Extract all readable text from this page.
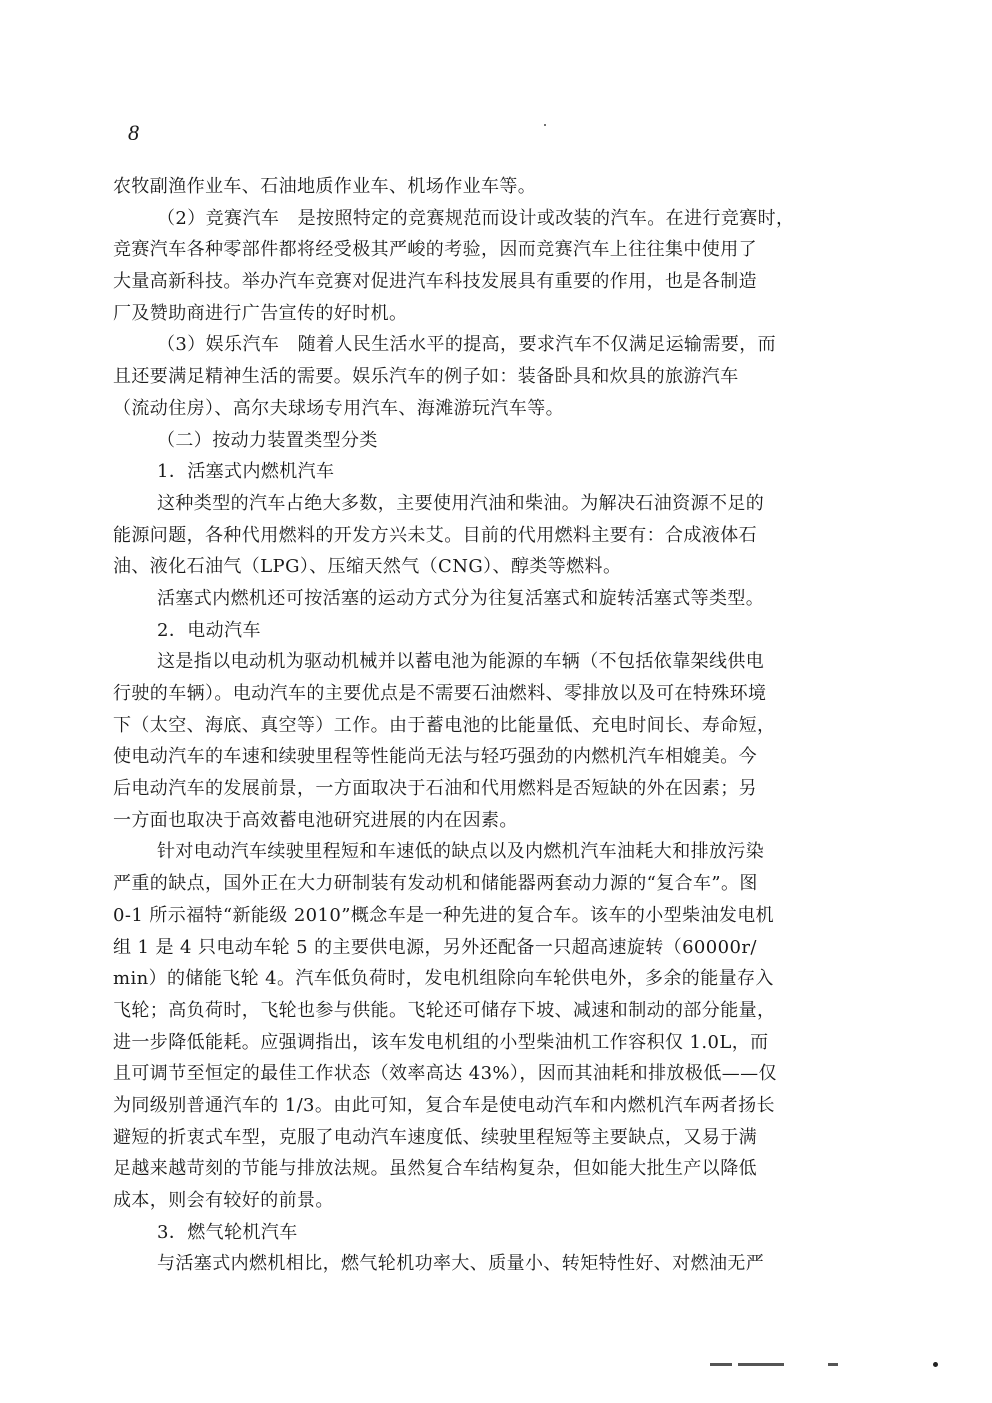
8
农牧副渔作业车、石油地质作业车、机场作业车等。
（2）竞赛汽车　是按照特定的竞赛规范而设计或改装的汽车。在进行竞赛时，
竞赛汽车各种零部件都将经受极其严峻的考验，因而竞赛汽车上往往集中使用了
大量高新科技。举办汽车竞赛对促进汽车科技发展具有重要的作用，也是各制造
厂及赞助商进行广告宣传的好时机。
（3）娱乐汽车　随着人民生活水平的提高，要求汽车不仅满足运输需要，而
且还要满足精神生活的需要。娱乐汽车的例子如：装备卧具和炊具的旅游汽车
（流动住房）、高尔夫球场专用汽车、海滩游玩汽车等。
（二）按动力装置类型分类
1．活塞式内燃机汽车
这种类型的汽车占绝大多数，主要使用汽油和柴油。为解决石油资源不足的
能源问题，各种代用燃料的开发方兴未艾。目前的代用燃料主要有：合成液体石
油、液化石油气（LPG）、压缩天然气（CNG）、醇类等燃料。
活塞式内燃机还可按活塞的运动方式分为往复活塞式和旋转活塞式等类型。
2．电动汽车
这是指以电动机为驱动机械并以蓄电池为能源的车辆（不包括依靠架线供电
行驶的车辆）。电动汽车的主要优点是不需要石油燃料、零排放以及可在特殊环境
下（太空、海底、真空等）工作。由于蓄电池的比能量低、充电时间长、寿命短，
使电动汽车的车速和续驶里程等性能尚无法与轻巧强劲的内燃机汽车相媲美。今
后电动汽车的发展前景，一方面取决于石油和代用燃料是否短缺的外在因素；另
一方面也取决于高效蓄电池研究进展的内在因素。
针对电动汽车续驶里程短和车速低的缺点以及内燃机汽车油耗大和排放污染
严重的缺点，国外正在大力研制装有发动机和储能器两套动力源的“复合车”。图
0-1 所示福特“新能级 2010”概念车是一种先进的复合车。该车的小型柴油发电机
组 1 是 4 只电动车轮 5 的主要供电源，另外还配备一只超高速旋转（60000r/
min）的储能飞轮 4。汽车低负荷时，发电机组除向车轮供电外，多余的能量存入
飞轮；高负荷时，飞轮也参与供能。飞轮还可储存下坡、减速和制动的部分能量，
进一步降低能耗。应强调指出，该车发电机组的小型柴油机工作容积仅 1.0L，而
且可调节至恒定的最佳工作状态（效率高达 43%），因而其油耗和排放极低——仅
为同级别普通汽车的 1/3。由此可知，复合车是使电动汽车和内燃机汽车两者扬长
避短的折衷式车型，克服了电动汽车速度低、续驶里程短等主要缺点，又易于满
足越来越苛刻的节能与排放法规。虽然复合车结构复杂，但如能大批生产以降低
成本，则会有较好的前景。
3．燃气轮机汽车
与活塞式内燃机相比，燃气轮机功率大、质量小、转矩特性好、对燃油无严
